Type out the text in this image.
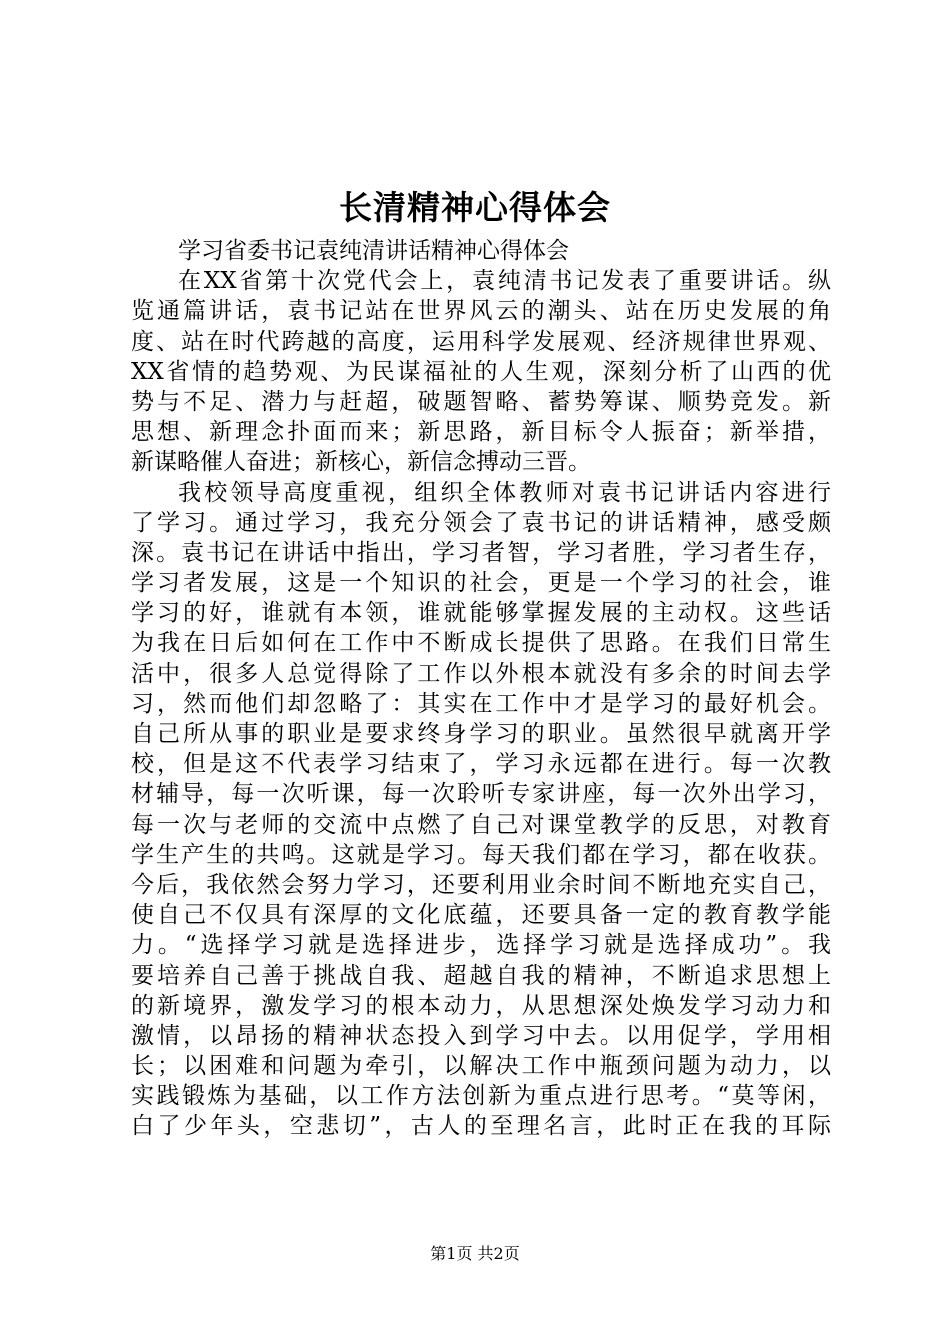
长清精神心得体会
学习省委书记袁纯清讲话精神心得体会
在XX省第十次党代会上，袁纯清书记发表了重要讲话。纵
览通篇讲话，袁书记站在世界风云的潮头、站在历史发展的角
度、站在时代跨越的高度，运用科学发展观、经济规律世界观、
XX省情的趋势观、为民谋福祉的人生观，深刻分析了山西的优
势与不足、潜力与赶超，破题智略、蓄势筹谋、顺势竞发。新
思想、新理念扑面而来；新思路，新目标令人振奋；新举措，
新谋略催人奋进；新核心，新信念搏动三晋。
我校领导高度重视，组织全体教师对袁书记讲话内容进行
了学习。通过学习，我充分领会了袁书记的讲话精神，感受颇
深。袁书记在讲话中指出，学习者智，学习者胜，学习者生存，
学习者发展，这是一个知识的社会，更是一个学习的社会，谁
学习的好，谁就有本领，谁就能够掌握发展的主动权。这些话
为我在日后如何在工作中不断成长提供了思路。在我们日常生
活中，很多人总觉得除了工作以外根本就没有多余的时间去学
习，然而他们却忽略了：其实在工作中才是学习的最好机会。
自己所从事的职业是要求终身学习的职业。虽然很早就离开学
校，但是这不代表学习结束了，学习永远都在进行。每一次教
材辅导，每一次听课，每一次聆听专家讲座，每一次外出学习，
每一次与老师的交流中点燃了自己对课堂教学的反思，对教育
学生产生的共鸣。这就是学习。每天我们都在学习，都在收获。
今后，我依然会努力学习，还要利用业余时间不断地充实自己，
使自己不仅具有深厚的文化底蕴，还要具备一定的教育教学能
力。“选择学习就是选择进步，选择学习就是选择成功”。我
要培养自己善于挑战自我、超越自我的精神，不断追求思想上
的新境界，激发学习的根本动力，从思想深处焕发学习动力和
激情，以昂扬的精神状态投入到学习中去。以用促学，学用相
长；以困难和问题为牵引，以解决工作中瓶颈问题为动力，以
实践锻炼为基础，以工作方法创新为重点进行思考。“莫等闲，
白了少年头，空悲切”，古人的至理名言，此时正在我的耳际
第1页 共2页
